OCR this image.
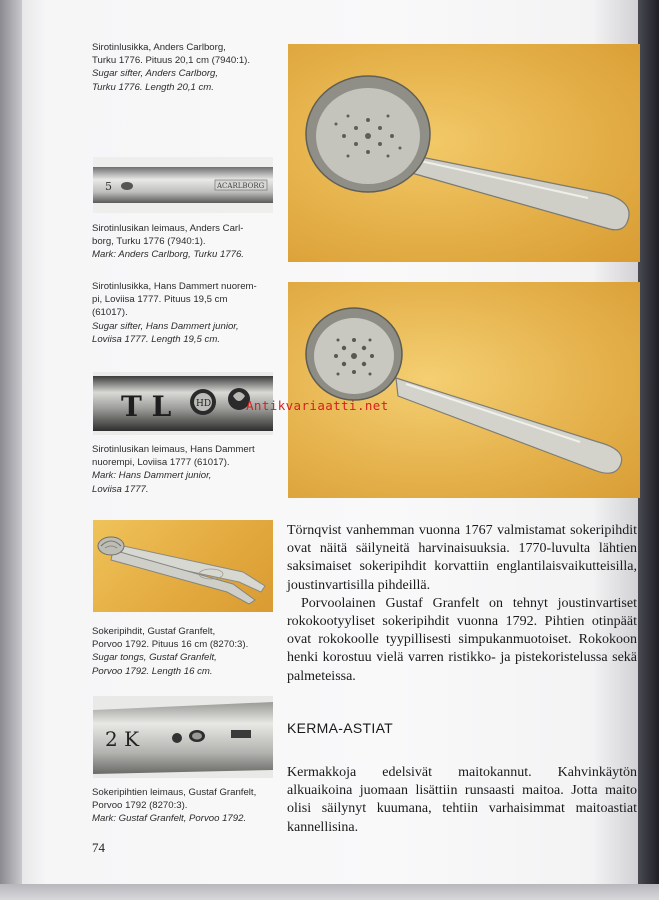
Sirotinlusikka, Anders Carlborg,
Turku 1776. Pituus 20,1 cm (7940:1).
Sugar sifter, Anders Carlborg,
Turku 1776. Length 20,1 cm.
5	ACARLBORG
Sirotinlusikan leimaus, Anders Carl-
borg, Turku 1776 (7940:1).
Mark: Anders Carlborg, Turku 1776.
Sirotinlusikka, Hans Dammert nuorem-
pi, Loviisa 1777. Pituus 19,5 cm
(61017).
Sugar sifter, Hans Dammert junior,
Loviisa 1777. Length 19,5 cm.
T L	HD
Sirotinlusikan leimaus, Hans Dammert
nuorempi, Loviisa 1777 (61017).
Mark: Hans Dammert junior,
Loviisa 1777.
Sokeripihdit, Gustaf Granfelt,
Porvoo 1792. Pituus 16 cm (8270:3).
Sugar tongs, Gustaf Granfelt,
Porvoo 1792. Length 16 cm.
2 K
Sokeripihtien leimaus, Gustaf Granfelt,
Porvoo 1792 (8270:3).
Mark: Gustaf Granfelt, Porvoo 1792.
Antikvariaatti.net

Törnqvist vanhemman vuonna 1767 valmistamat sokeripihdit ovat näitä säilyneitä harvinaisuuksia. 1770-luvulta lähtien saksimaiset sokeripihdit korvattiin englantilaisvaikutteisilla, joustinvartisilla pihdeillä.

Porvoolainen Gustaf Granfelt on tehnyt joustinvartiset rokokootyyliset sokeripihdit vuonna 1792. Pihtien otinpäät ovat rokokoolle tyypillisesti simpukanmuotoiset. Rokokoon henki korostuu vielä varren ristikko- ja pistekoristelussa sekä palmeteissa.

KERMA-ASTIAT

Kermakkoja edelsivät maitokannut. Kahvinkäytön alkuaikoina juomaan lisättiin runsaasti maitoa. Jotta maito olisi säilynyt kuumana, tehtiin varhaisimmat maitoastiat kannellisina.

74
